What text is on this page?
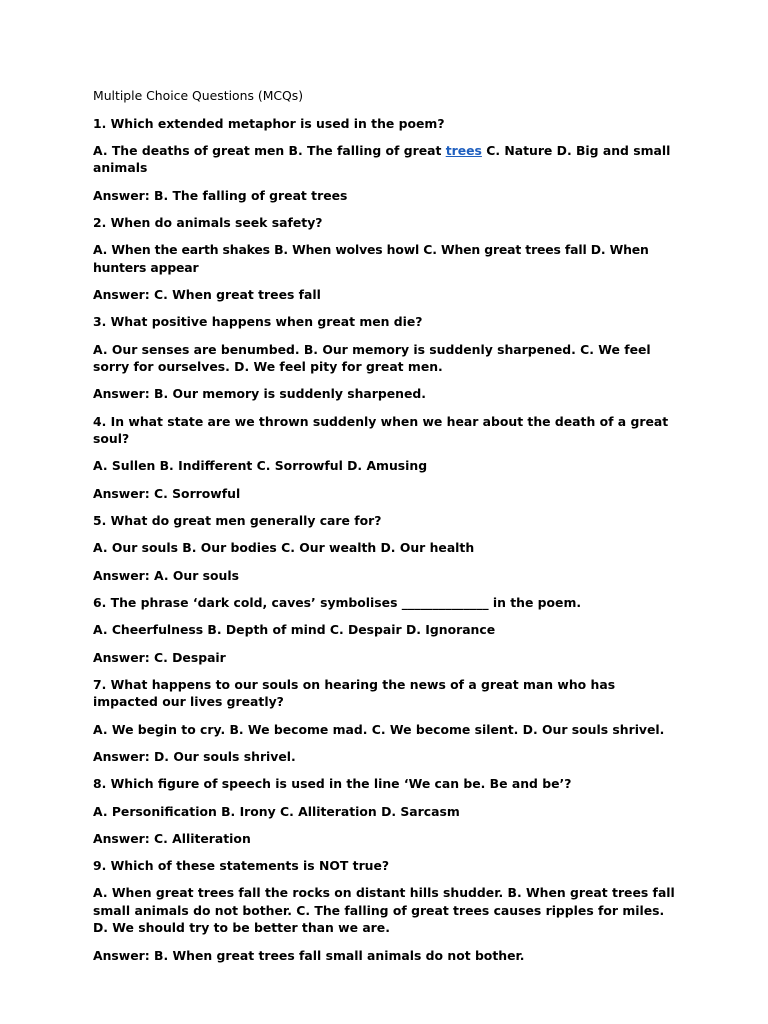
Multiple Choice Questions (MCQs)

1. Which extended metaphor is used in the poem?

A. The deaths of great men B. The falling of great trees C. Nature D. Big and small animals

Answer: B. The falling of great trees

2. When do animals seek safety?

A. When the earth shakes B. When wolves howl C. When great trees fall D. When hunters appear

Answer: C. When great trees fall

3. What positive happens when great men die?

A. Our senses are benumbed. B. Our memory is suddenly sharpened. C. We feel sorry for ourselves. D. We feel pity for great men.

Answer: B. Our memory is suddenly sharpened.

4. In what state are we thrown suddenly when we hear about the death of a great soul?

A. Sullen B. Indifferent C. Sorrowful D. Amusing

Answer: C. Sorrowful

5. What do great men generally care for?

A. Our souls B. Our bodies C. Our wealth D. Our health

Answer: A. Our souls

6. The phrase ‘dark cold, caves’ symbolises ______________ in the poem.

A. Cheerfulness B. Depth of mind C. Despair D. Ignorance

Answer: C. Despair

7. What happens to our souls on hearing the news of a great man who has impacted our lives greatly?

A. We begin to cry. B. We become mad. C. We become silent. D. Our souls shrivel.

Answer: D. Our souls shrivel.

8. Which figure of speech is used in the line ‘We can be. Be and be’?

A. Personification B. Irony C. Alliteration D. Sarcasm

Answer: C. Alliteration

9. Which of these statements is NOT true?

A. When great trees fall the rocks on distant hills shudder. B. When great trees fall small animals do not bother. C. The falling of great trees causes ripples for miles. D. We should try to be better than we are.

Answer: B. When great trees fall small animals do not bother.
